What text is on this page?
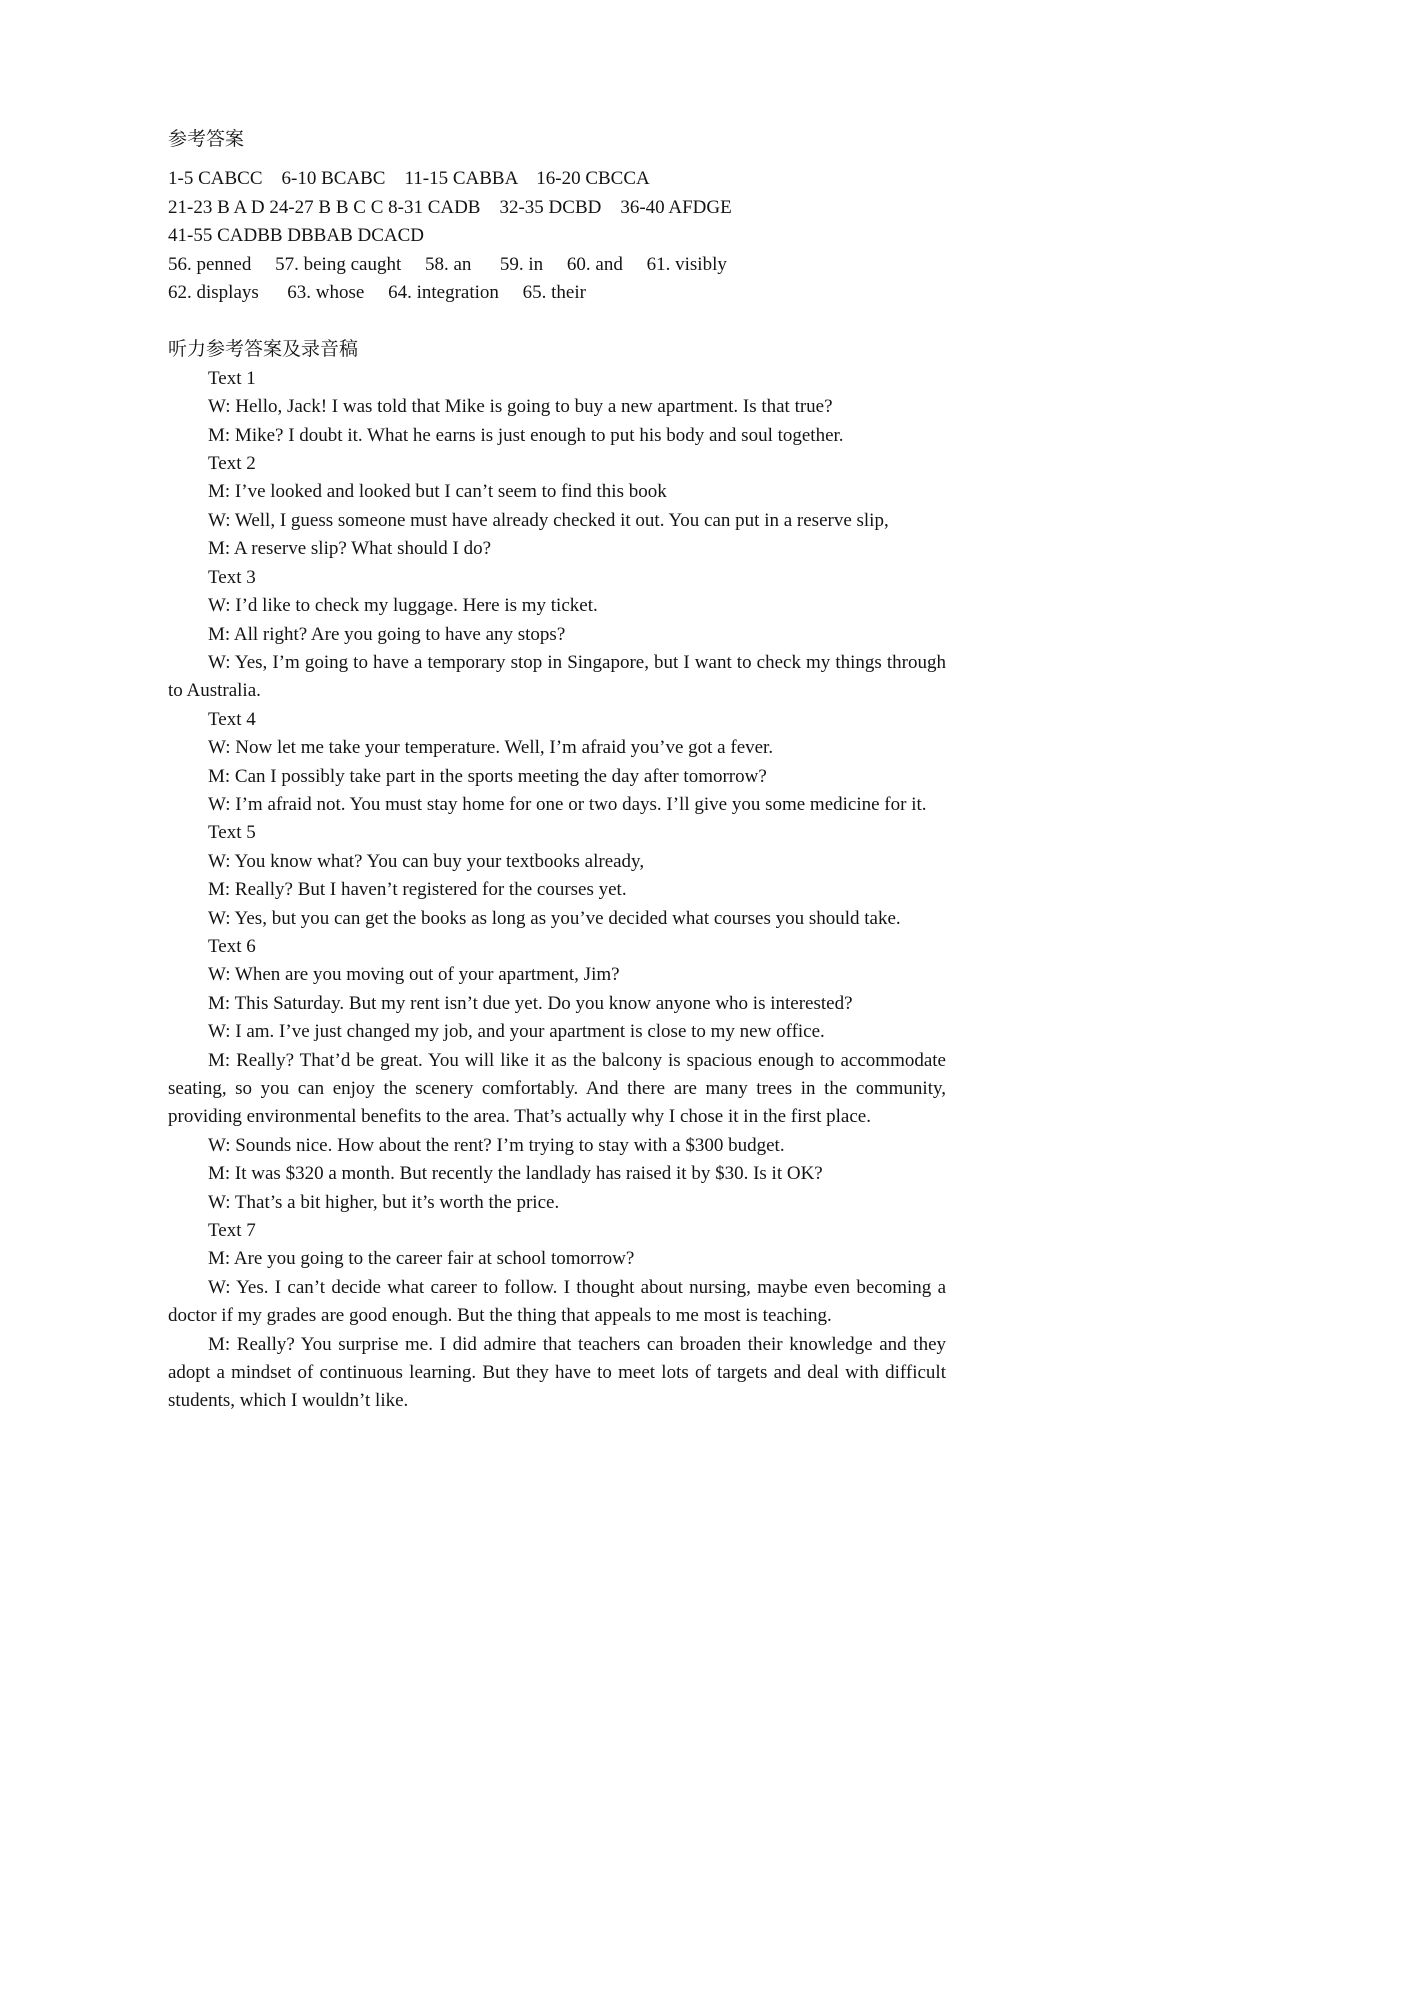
参考答案

1-5 CABCC    6-10 BCABC    11-15 CABBA    16-20 CBCCA

21-23 B A D 24-27 B B C C 8-31 CADB    32-35 DCBD    36-40 AFDGE

41-55 CADBB DBBAB DCACD

56. penned     57. being caught     58. an      59. in     60. and     61. visibly

62. displays      63. whose     64. integration     65. their

听力参考答案及录音稿

Text 1

W: Hello, Jack! I was told that Mike is going to buy a new apartment. Is that true?

M: Mike? I doubt it. What he earns is just enough to put his body and soul together.

Text 2

M: I’ve looked and looked but I can’t seem to find this book

W: Well, I guess someone must have already checked it out. You can put in a reserve slip,

M: A reserve slip? What should I do?

Text 3

W: I’d like to check my luggage. Here is my ticket.

M: All right? Are you going to have any stops?

W: Yes, I’m going to have a temporary stop in Singapore, but I want to check my things through to Australia.

Text 4

W: Now let me take your temperature. Well, I’m afraid you’ve got a fever.

M: Can I possibly take part in the sports meeting the day after tomorrow?

W: I’m afraid not. You must stay home for one or two days. I’ll give you some medicine for it.

Text 5

W: You know what? You can buy your textbooks already,

M: Really? But I haven’t registered for the courses yet.

W: Yes, but you can get the books as long as you’ve decided what courses you should take.

Text 6

W: When are you moving out of your apartment, Jim?

M: This Saturday. But my rent isn’t due yet. Do you know anyone who is interested?

W: I am. I’ve just changed my job, and your apartment is close to my new office.

M: Really? That’d be great. You will like it as the balcony is spacious enough to accommodate seating, so you can enjoy the scenery comfortably. And there are many trees in the community, providing environmental benefits to the area. That’s actually why I chose it in the first place.

W: Sounds nice. How about the rent? I’m trying to stay with a $300 budget.

M: It was $320 a month. But recently the landlady has raised it by $30. Is it OK?

W: That’s a bit higher, but it’s worth the price.

Text 7

M: Are you going to the career fair at school tomorrow?

W: Yes. I can’t decide what career to follow. I thought about nursing, maybe even becoming a doctor if my grades are good enough. But the thing that appeals to me most is teaching.

M: Really? You surprise me. I did admire that teachers can broaden their knowledge and they adopt a mindset of continuous learning. But they have to meet lots of targets and deal with difficult students, which I wouldn’t like.
